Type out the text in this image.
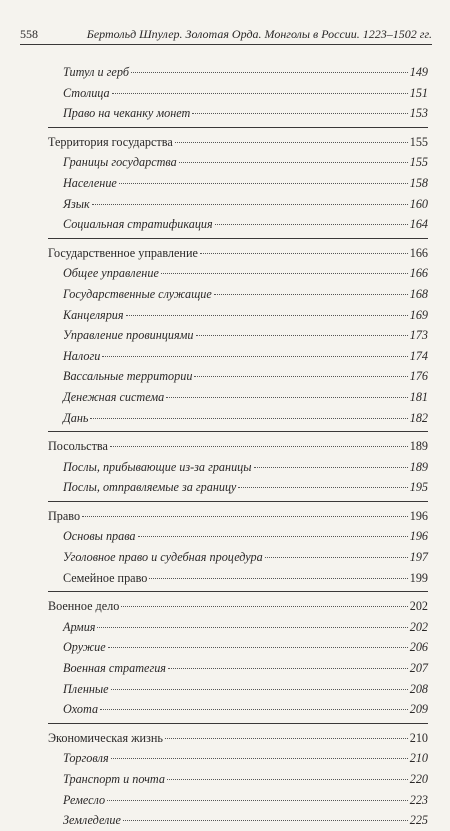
558	Бертольд Шпулер. Золотая Орда. Монголы в России. 1223–1502 гг.
Титул и герб	149
Столица	151
Право на чеканку монет	153
Территория государства	155
Границы государства	155
Население	158
Язык	160
Социальная стратификация	164
Государственное управление	166
Общее управление	166
Государственные служащие	168
Канцелярия	169
Управление провинциями	173
Налоги	174
Вассальные территории	176
Денежная система	181
Дань	182
Посольства	189
Послы, прибывающие из-за границы	189
Послы, отправляемые за границу	195
Право	196
Основы права	196
Уголовное право и судебная процедура	197
Семейное право	199
Военное дело	202
Армия	202
Оружие	206
Военная стратегия	207
Пленные	208
Охота	209
Экономическая жизнь	210
Торговля	210
Транспорт и почта	220
Ремесло	223
Земледелие	225
